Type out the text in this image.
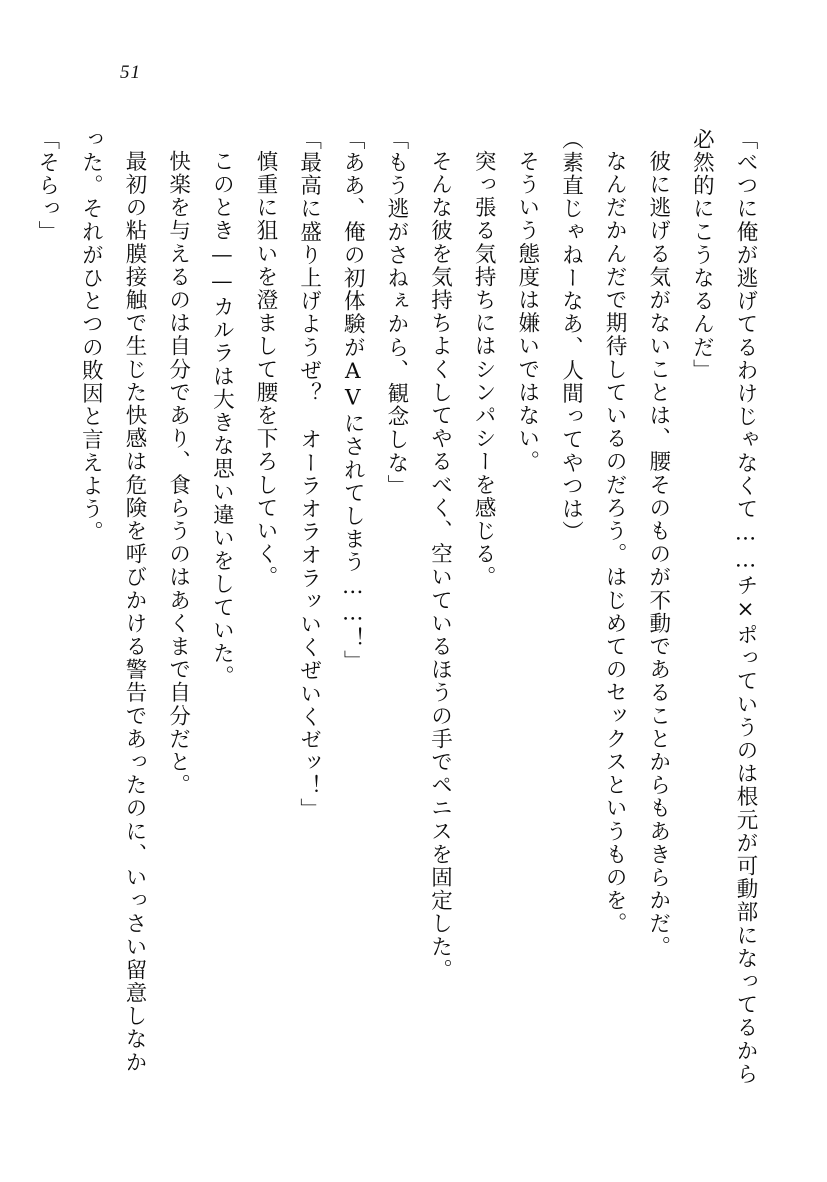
51

「べつに俺が逃げてるわけじゃなくて……チ×ポっていうのは根元が可動部になってるから必然的にこうなるんだ」

彼に逃げる気がないことは、腰そのものが不動であることからもあきらかだ。

なんだかんだで期待しているのだろう。はじめてのセックスというものを。

（素直じゃねーなあ、人間ってやつは）

そういう態度は嫌いではない。

突っ張る気持ちにはシンパシーを感じる。

そんな彼を気持ちよくしてやるべく、空いているほうの手でペニスを固定した。

「もう逃がさねぇから、観念しな」

「ああ、俺の初体験がAVにされてしまう……！」

「最高に盛り上げようぜ？　オーラオラオラッいくぜいくゼッ！」

慎重に狙いを澄まして腰を下ろしていく。

このとき——カルラは大きな思い違いをしていた。

快楽を与えるのは自分であり、食らうのはあくまで自分だと。

最初の粘膜接触で生じた快感は危険を呼びかける警告であったのに、いっさい留意しなかった。それがひとつの敗因と言えよう。

「そらっ」
